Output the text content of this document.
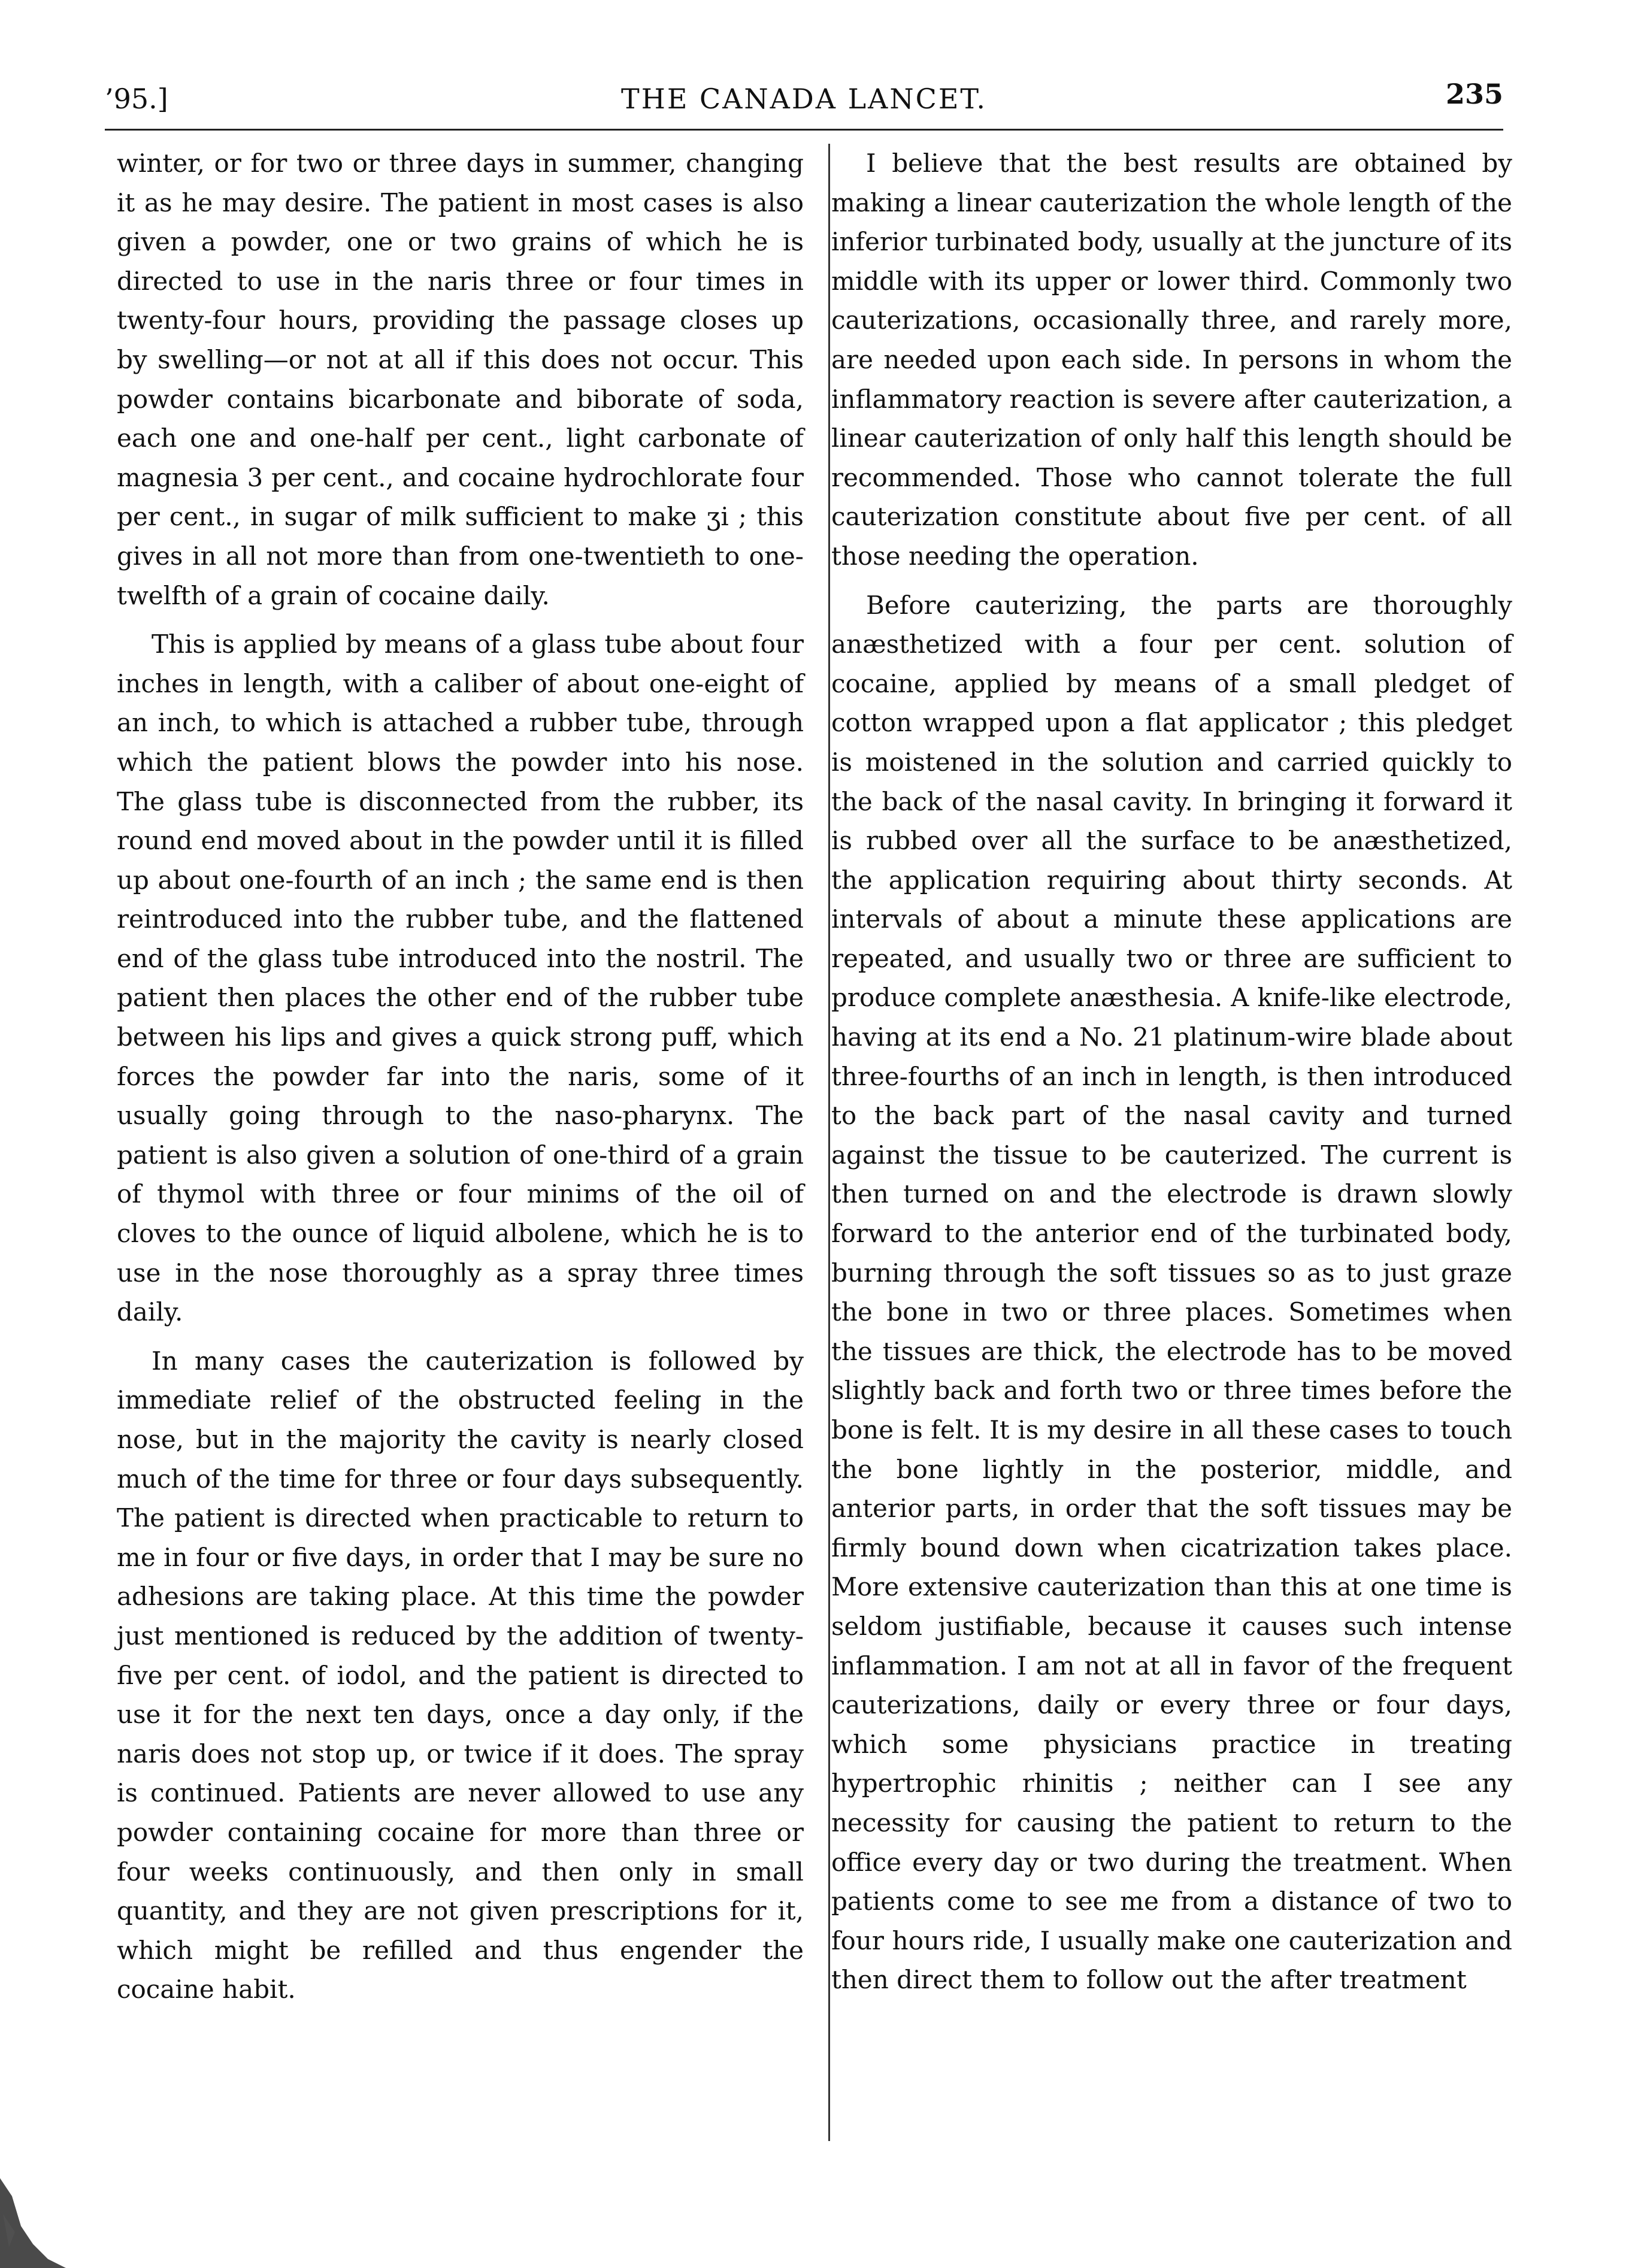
’95.]	THE CANADA LANCET.	235

winter, or for two or three days in summer, changing it as he may desire. The patient in most cases is also given a powder, one or two grains of which he is directed to use in the naris three or four times in twenty-four hours, providing the passage closes up by swelling—or not at all if this does not occur. This powder contains bicarbonate and biborate of soda, each one and one-half per cent., light carbonate of magnesia 3 per cent., and cocaine hydrochlorate four per cent., in sugar of milk sufficient to make ʒi ; this gives in all not more than from one-twentieth to one-twelfth of a grain of cocaine daily.

This is applied by means of a glass tube about four inches in length, with a caliber of about one-eight of an inch, to which is attached a rubber tube, through which the patient blows the powder into his nose. The glass tube is disconnected from the rubber, its round end moved about in the powder until it is filled up about one-fourth of an inch ; the same end is then reintroduced into the rubber tube, and the flattened end of the glass tube introduced into the nostril. The patient then places the other end of the rubber tube between his lips and gives a quick strong puff, which forces the powder far into the naris, some of it usually going through to the naso-pharynx. The patient is also given a solution of one-third of a grain of thymol with three or four minims of the oil of cloves to the ounce of liquid albolene, which he is to use in the nose thoroughly as a spray three times daily.

In many cases the cauterization is followed by immediate relief of the obstructed feeling in the nose, but in the majority the cavity is nearly closed much of the time for three or four days subsequently. The patient is directed when practicable to return to me in four or five days, in order that I may be sure no adhesions are taking place. At this time the powder just mentioned is reduced by the addition of twenty-five per cent. of iodol, and the patient is directed to use it for the next ten days, once a day only, if the naris does not stop up, or twice if it does. The spray is continued. Patients are never allowed to use any powder containing cocaine for more than three or four weeks continuously, and then only in small quantity, and they are not given prescriptions for it, which might be refilled and thus engender the cocaine habit.

I believe that the best results are obtained by making a linear cauterization the whole length of the inferior turbinated body, usually at the juncture of its middle with its upper or lower third. Commonly two cauterizations, occasionally three, and rarely more, are needed upon each side. In persons in whom the inflammatory reaction is severe after cauterization, a linear cauterization of only half this length should be recommended. Those who cannot tolerate the full cauterization constitute about five per cent. of all those needing the operation.

Before cauterizing, the parts are thoroughly anæsthetized with a four per cent. solution of cocaine, applied by means of a small pledget of cotton wrapped upon a flat applicator ; this pledget is moistened in the solution and carried quickly to the back of the nasal cavity. In bringing it forward it is rubbed over all the surface to be anæsthetized, the application requiring about thirty seconds. At intervals of about a minute these applications are repeated, and usually two or three are sufficient to produce complete anæsthesia. A knife-like electrode, having at its end a No. 21 platinum-wire blade about three-fourths of an inch in length, is then introduced to the back part of the nasal cavity and turned against the tissue to be cauterized. The current is then turned on and the electrode is drawn slowly forward to the anterior end of the turbinated body, burning through the soft tissues so as to just graze the bone in two or three places. Sometimes when the tissues are thick, the electrode has to be moved slightly back and forth two or three times before the bone is felt. It is my desire in all these cases to touch the bone lightly in the posterior, middle, and anterior parts, in order that the soft tissues may be firmly bound down when cicatrization takes place. More extensive cauterization than this at one time is seldom justifiable, because it causes such intense inflammation. I am not at all in favor of the frequent cauterizations, daily or every three or four days, which some physicians practice in treating hypertrophic rhinitis ; neither can I see any necessity for causing the patient to return to the office every day or two during the treatment. When patients come to see me from a distance of two to four hours ride, I usually make one cauterization and then direct them to follow out the after treatment
